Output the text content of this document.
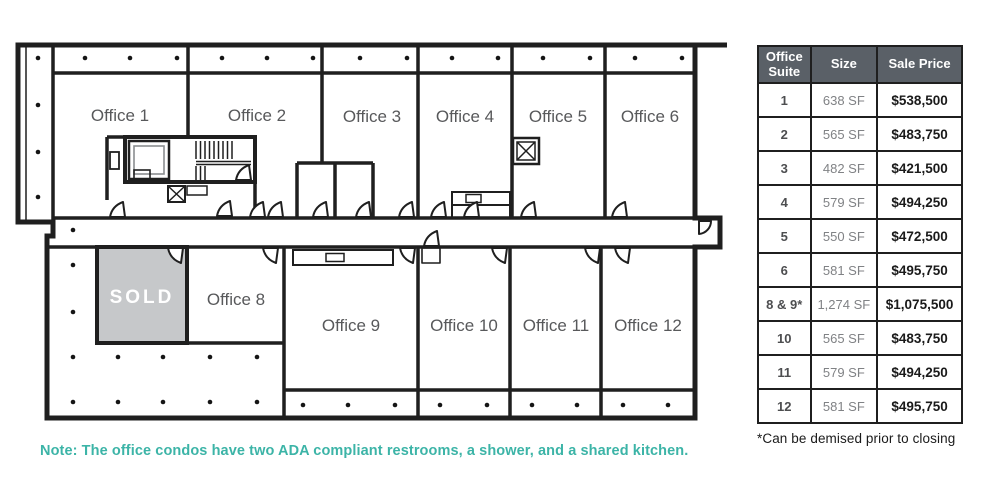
Office 1	Office 2	Office 3 Office 4 Office 5 Office 6
SOLD Office 8
Office 9	Office 10 Office 11 Office 12
Office Suite	Size	Sale Price
1	638 SF	$538,500
2	565 SF	$483,750
3	482 SF	$421,500
4	579 SF	$494,250
5	550 SF	$472,500
6	581 SF	$495,750
8 & 9*	1,274 SF	$1,075,500
10	565 SF	$483,750
11	579 SF	$494,250
12	581 SF	$495,750
*Can be demised prior to closing
Note: The office condos have two ADA compliant restrooms, a shower, and a shared kitchen.
